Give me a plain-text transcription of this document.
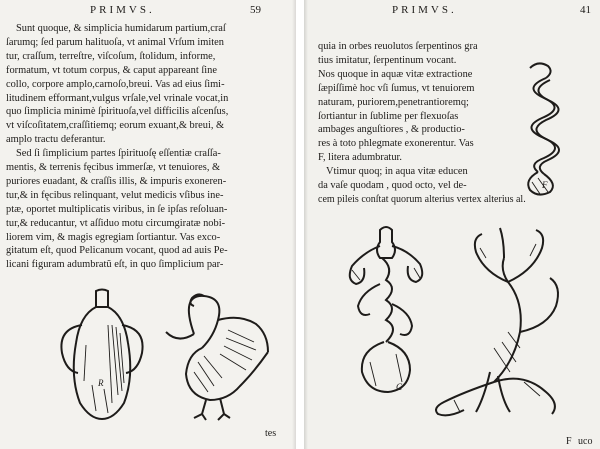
PRIMVS.	59
Sunt quoque, & simplicia humidarum partium,craſ
ſarumq; ſed parum halituoſa, vt animal Vrſum imiten
tur, craſſum, terreſtre, viſcoſum, ſtolidum, informe,
formatum, vt totum corpus, & caput appareant ſine
collo, corpore amplo,carnoſo,breui. Vas ad eius ſimi-
litudinem efformant,vulgus vrſale,vel vrinale vocat,in
quo ſimplicia minimè ſpirituoſa,vel difficilis aſcenſus,
vt viſcoſitatem,craſſitiemq; eorum exuant,& breui, &
amplo tractu deferantur.
Sed ſi ſimplicium partes ſpirituoſę eſſentiæ craſſa-
mentis, & terrenis fęcibus immerſæ, vt tenuiores, &
puriores euadant, & craſſis illis, & impuris exoneren-
tur,& in fęcibus relinquant, velut medicis vſibus ine-
ptæ, oportet multiplicatis viribus, in ſe ipſas reſoluan-
tur,& reducantur, vt aſſiduo motu circumgiratæ nobi-
liorem vim, & magis egregiam ſortiantur. Vas exco-
gitatum eſt, quod Pelicanum vocant, quod ad auis Pe-
licani figuram adumbratũ eſt, in quo ſimplicium par-
R
tes
PRIMVS.	41
quia in orbes reuolutos ſerpentinos gra
tius imitatur, ſerpentinum vocant.
Nos quoque in aquæ vitæ extractione
ſæpiſſimè hoc vſi ſumus, vt tenuiorem
naturam, puriorem,penetrantioremq;
ſortiantur in ſublime per flexuoſas
ambages anguſtiores , & productio-
res à toto phlegmate exonerentur. Vas
F, litera adumbratur.
Vtimur quoq; in aqua vitæ educen
da vaſe quodam , quod octo, vel de-
cem pileis conſtat quorum alterius vertex alterius al.
F
G
F uco
